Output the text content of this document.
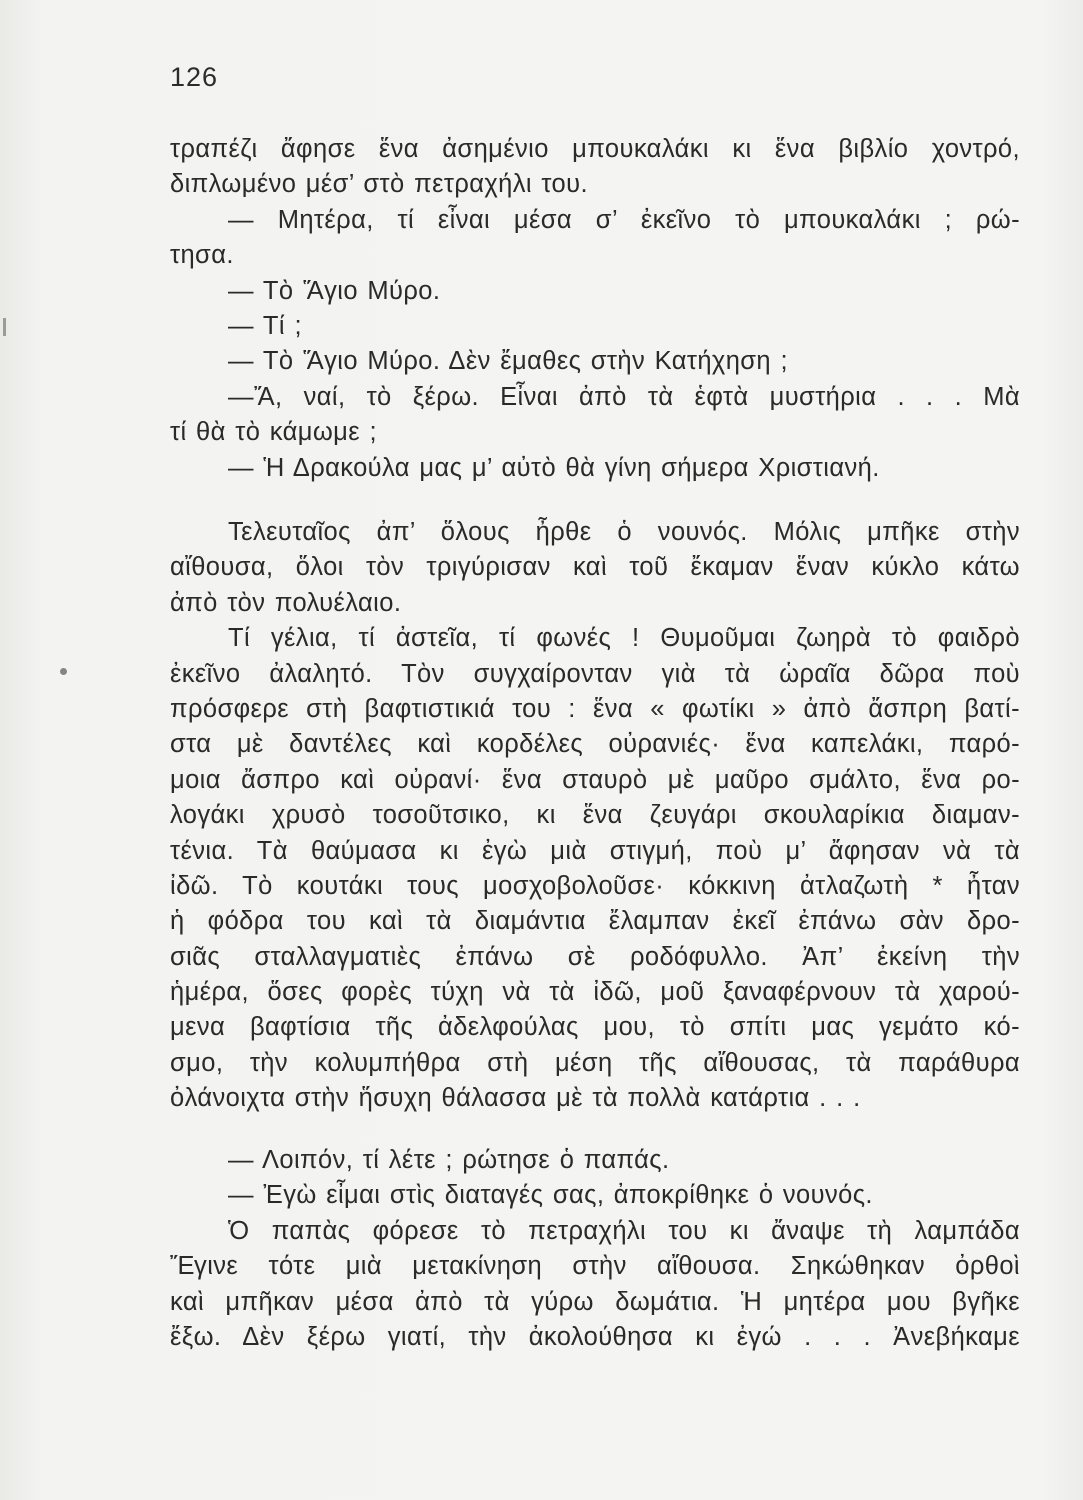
126
τραπέζι ἄφησε ἕνα ἀσημένιο μπουκαλάκι κι ἕνα βιβλίο χοντρό,
διπλωμένο μέσ’ στὸ πετραχήλι του.
— Μητέρα, τί εἶναι μέσα σ’ ἐκεῖνο τὸ μπουκαλάκι ; ρώ-
τησα.
— Τὸ Ἅγιο Μύρο.
— Τί ;
— Τὸ Ἅγιο Μύρο. Δὲν ἔμαθες στὴν Κατήχηση ;
—Ἄ, ναί, τὸ ξέρω. Εἶναι ἀπὸ τὰ ἑφτὰ μυστήρια . . . Μὰ
τί θὰ τὸ κάμωμε ;
— Ἡ Δρακούλα μας μ’ αὐτὸ θὰ γίνη σήμερα Χριστιανή.
Τελευταῖος ἀπ’ ὅλους ἦρθε ὁ νουνός. Μόλις μπῆκε στὴν
αἴθουσα, ὅλοι τὸν τριγύρισαν καὶ τοῦ ἔκαμαν ἕναν κύκλο κάτω
ἀπὸ τὸν πολυέλαιο.
Τί γέλια, τί ἀστεῖα, τί φωνές ! Θυμοῦμαι ζωηρὰ τὸ φαιδρὸ
ἐκεῖνο ἀλαλητό. Τὸν συγχαίρονταν γιὰ τὰ ὡραῖα δῶρα ποὺ
πρόσφερε στὴ βαφτιστικιά του : ἕνα « φωτίκι » ἀπὸ ἄσπρη βατί-
στα μὲ δαντέλες καὶ κορδέλες οὐρανιές· ἕνα καπελάκι, παρό-
μοια ἄσπρο καὶ οὐρανί· ἕνα σταυρὸ μὲ μαῦρο σμάλτο, ἕνα ρο-
λογάκι χρυσὸ τοσοῦτσικο, κι ἕνα ζευγάρι σκουλαρίκια διαμαν-
τένια. Τὰ θαύμασα κι ἐγὼ μιὰ στιγμή, ποὺ μ’ ἄφησαν νὰ τὰ
ἰδῶ. Τὸ κουτάκι τους μοσχοβολοῦσε· κόκκινη ἀτλαζωτὴ * ἦταν
ἡ φόδρα του καὶ τὰ διαμάντια ἔλαμπαν ἐκεῖ ἐπάνω σὰν δρο-
σιᾶς σταλλαγματιὲς ἐπάνω σὲ ροδόφυλλο. Ἀπ’ ἐκείνη τὴν
ἡμέρα, ὅσες φορὲς τύχη νὰ τὰ ἰδῶ, μοῦ ξαναφέρνουν τὰ χαρού-
μενα βαφτίσια τῆς ἀδελφούλας μου, τὸ σπίτι μας γεμάτο κό-
σμο, τὴν κολυμπήθρα στὴ μέση τῆς αἴθουσας, τὰ παράθυρα
ὀλάνοιχτα στὴν ἥσυχη θάλασσα μὲ τὰ πολλὰ κατάρτια . . .
— Λοιπόν, τί λέτε ; ρώτησε ὁ παπάς.
— Ἐγὼ εἶμαι στὶς διαταγές σας, ἀποκρίθηκε ὁ νουνός.
Ὁ παπὰς φόρεσε τὸ πετραχήλι του κι ἄναψε τὴ λαμπάδα
Ἔγινε τότε μιὰ μετακίνηση στὴν αἴθουσα. Σηκώθηκαν ὀρθοὶ
καὶ μπῆκαν μέσα ἀπὸ τὰ γύρω δωμάτια. Ἡ μητέρα μου βγῆκε
ἔξω. Δὲν ξέρω γιατί, τὴν ἀκολούθησα κι ἐγώ . . . Ἀνεβήκαμε
